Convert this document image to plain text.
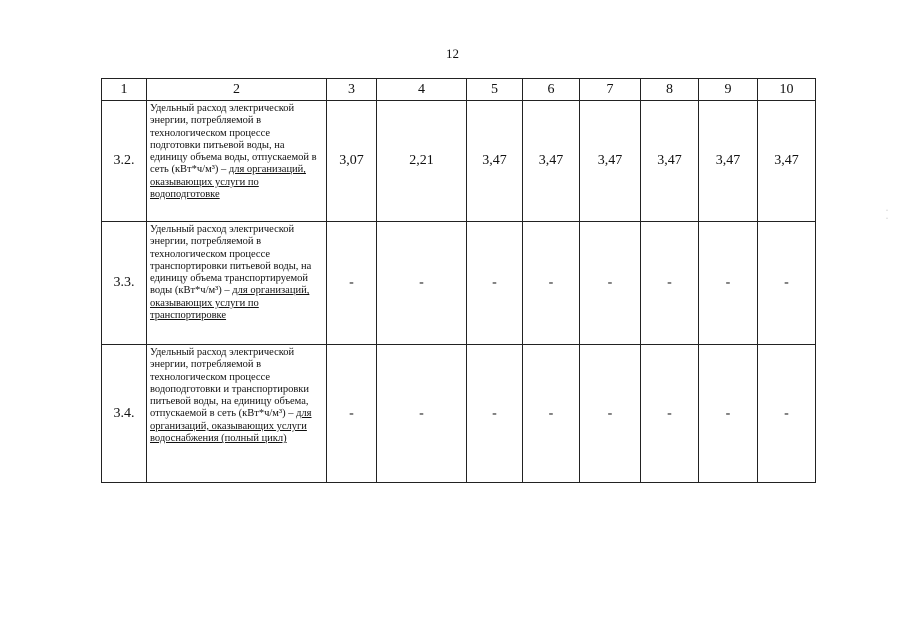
12
1	2	3	4	5	6	7	8	9	10
3.2.	Удельный расход электрической энергии, потребляемой в технологическом процессе подготовки питьевой воды, на единицу объема воды, отпускаемой в сеть (кВт*ч/м³) – для организаций, оказывающих услуги по водоподготовке	3,07	2,21	3,47	3,47	3,47	3,47	3,47	3,47
3.3.	Удельный расход электрической энергии, потребляемой в технологическом процессе транспортировки питьевой воды, на единицу объема транспортируемой воды (кВт*ч/м³) – для организаций, оказывающих услуги по транспортировке	-	-	-	-	-	-	-	-
3.4.	Удельный расход электрической энергии, потребляемой в технологическом процессе водоподготовки и транспортировки питьевой воды, на единицу объема, отпускаемой в сеть (кВт*ч/м³) – для организаций, оказывающих услуги водоснабжения (полный цикл)	-	-	-	-	-	-	-	-
·
·
